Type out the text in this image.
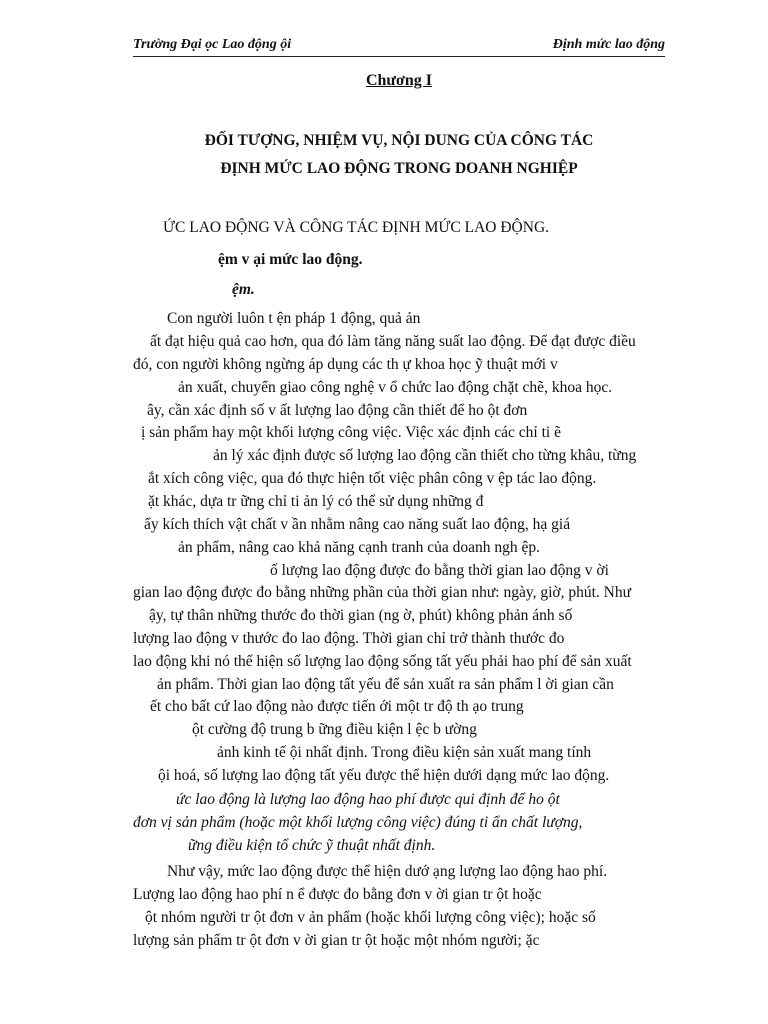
Trường Đại ọc Lao động ội	Định mức lao động
Chương I
ĐỐI TƯỢNG, NHIỆM VỤ, NỘI DUNG CỦA CÔNG TÁC
ĐỊNH MỨC LAO ĐỘNG TRONG DOANH NGHIỆP
ỨC LAO ĐỘNG VÀ CÔNG TÁC ĐỊNH MỨC LAO ĐỘNG.
ệm v ại mức lao động.
ệm.
Con người luôn t ện pháp 1 động, quả ản
ất đạt hiệu quả cao hơn, qua đó làm tăng năng suất lao động. Để đạt được điều
đó, con người không ngừng áp dụng các th ự khoa học ỹ thuật mới v
ản xuất, chuyển giao công nghệ v ổ chức lao động chặt chẽ, khoa học.
ây, cần xác định số v ất lượng lao động cần thiết để ho ột đơn
ị sản phẩm hay một khối lượng công việc. Việc xác định các chỉ ti ẽ
ản lý xác định được số lượng lao động cần thiết cho từng khâu, từng
ắt xích công việc, qua đó thực hiện tốt việc phân công v ệp tác lao động.
ặt khác, dựa tr ững chỉ ti ản lý có thể sử dụng những đ
ẩy kích thích vật chất v ần nhằm nâng cao năng suất lao động, hạ giá
ản phẩm, nâng cao khả năng cạnh tranh của doanh ngh ệp.
ố lượng lao động được đo bằng thời gian lao động v ời
gian lao động được đo bằng những phần của thời gian như: ngày, giờ, phút. Như
ậy, tự thân những thước đo thời gian (ng ờ, phút) không phản ánh số
lượng lao động v thước đo lao động. Thời gian chỉ trở thành thước đo
lao động khi nó thể hiện số lượng lao động sống tất yếu phải hao phí để sản xuất
ản phẩm. Thời gian lao động tất yếu để sản xuất ra sản phẩm l ời gian cần
ết cho bất cứ lao động nào được tiến ới một tr độ th ạo trung
ột cường độ trung b ững điều kiện l ệc b ường
ảnh kinh tế ội nhất định. Trong điều kiện sản xuất mang tính
ội hoá, số lượng lao động tất yếu được thể hiện dưới dạng mức lao động.
ức lao động là lượng lao động hao phí được qui định để ho ột
đơn vị sản phẩm (hoặc một khối lượng công việc) đúng ti ẩn chất lượng,
ững điều kiện tổ chức ỹ thuật nhất định.
Như vậy, mức lao động được thể hiện dướ ạng lượng lao động hao phí.
Lượng lao động hao phí n ể được đo bằng đơn v ời gian tr ột hoặc
ột nhóm người tr ột đơn v ản phẩm (hoặc khối lượng công việc); hoặc số
lượng sản phẩm tr ột đơn v ời gian tr ột hoặc một nhóm người; ặc
